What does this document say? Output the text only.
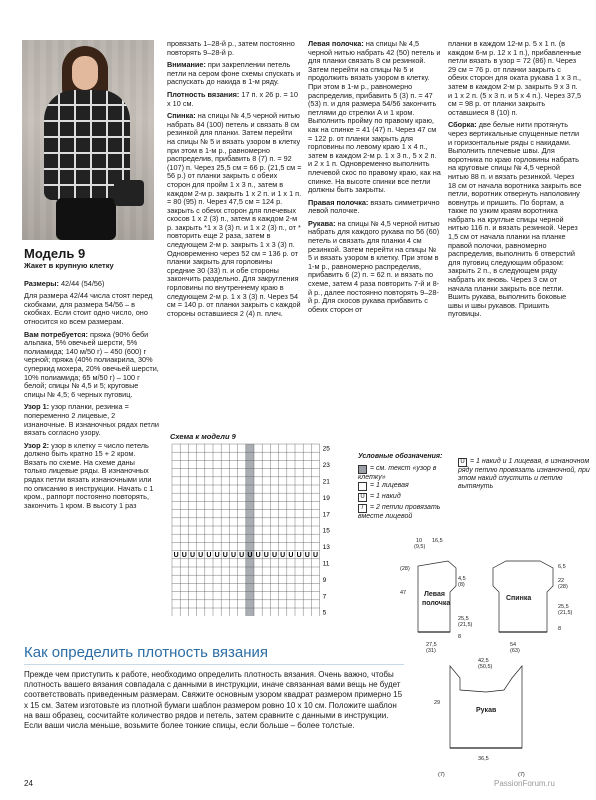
Модель 9
Жакет в крупную клетку

Размеры: 42/44 (54/56)

Для размера 42/44 числа стоят перед скобками, для размера 54/56 – в скобках. Если стоит одно число, оно относится ко всем размерам.

Вам потребуется: пряжа (90% беби альпака, 5% овечьей шерсти, 5% полиамида; 140 м/50 г) – 450 (600) г черной; пряжа (40% полиакрила, 30% суперкид мохера, 20% овечьей шерсти, 10% полиамида; 65 м/50 г) – 100 г белой; спицы № 4,5 и 5; круговые спицы № 4,5; 6 черных пуговиц.

Узор 1: узор планки, резинка = попеременно 2 лицевые, 2 изнаночные. В изнаночных рядах петли вязать согласно узору.

Узор 2: узор в клетку = число петель должно быть кратно 15 + 2 кром. Вязать по схеме. На схеме даны только лицевые ряды. В изнаночных рядах петли вязать изнаночными или по описанию в инструкции. Начать с 1 кром., раппорт постоянно повторять, закончить 1 кром. В высоту 1 раз

провязать 1–28-й р., затем постоянно повторять 9–28-й р.

Внимание: при закреплении петель петли на сером фоне схемы спускать и распускать до накида в 1-м ряду.

Плотность вязания: 17 п. х 26 р. = 10 х 10 см.

Спинка: на спицы № 4,5 черной нитью набрать 84 (100) петель и связать 8 см резинкой для планки. Затем перейти на спицы № 5 и вязать узором в клетку при этом в 1-м р., равномерно распределив, прибавить 8 (7) п. = 92 (107) п. Через 25,5 см = 66 р. (21,5 см = 56 р.) от планки закрыть с обеих сторон для пройм 1 х 3 п., затем в каждом 2-м р. закрыть 1 х 2 п. и 1 х 1 п. = 80 (95) п. Через 47,5 см = 124 р. закрыть с обеих сторон для плечевых скосов 1 х 2 (3) п., затем в каждом 2-м р. закрыть *1 х 3 (3) п. и 1 х 2 (3) п., от * повторить еще 2 раза, затем в следующем 2-м р. закрыть 1 х 3 (3) п. Одновременно через 52 см = 136 р. от планки закрыть для горловины средние 30 (33) п. и обе стороны закончить раздельно. Для закругления горловины по внутреннему краю в следующем 2-м р. 1 х 3 (3) п. Через 54 см = 140 р. от планки закрыть с каждой стороны оставшиеся 2 (4) п. плеч.

Левая полочка: на спицы № 4,5 черной нитью набрать 42 (50) петель и для планки связать 8 см резинкой. Затем перейти на спицы № 5 и продолжить вязать узором в клетку. При этом в 1-м р., равномерно распределив, прибавить 5 (3) п. = 47 (53) п. и для размера 54/56 закончить петлями до стрелки А и 1 кром. Выполнить пройму по правому краю, как на спинке = 41 (47) п. Через 47 см = 122 р. от планки закрыть для горловины по левому краю 1 х 4 п., затем в каждом 2-м р. 1 х 3 п., 5 х 2 п. и 2 х 1 п. Одновременно выполнить плечевой скос по правому краю, как на спинке. На высоте спинки все петли должны быть закрыты.

Правая полочка: вязать симметрично левой полочке.

Рукава: на спицы № 4,5 черной нитью набрать для каждого рукава по 56 (60) петель и связать для планки 4 см резинкой. Затем перейти на спицы № 5 и вязать узором в клетку. При этом в 1-м р., равномерно распределив, прибавить 6 (2) п. = 62 п. и вязать по схеме, затем 4 раза повторить 7-й и 8-й р., далее постоянно повторять 9–28-й р. Для скосов рукава прибавить с обеих сторон от

планки в каждом 12-м р. 5 х 1 п. (в каждом 6-м р. 12 х 1 п.), прибавленные петли вязать в узор = 72 (86) п. Через 29 см = 76 р. от планки закрыть с обеих сторон для оката рукава 1 х 3 п., затем в каждом 2-м р. закрыть 9 х 3 п. и 1 х 2 п. (5 х 3 п. и 5 х 4 п.). Через 37,5 см = 98 р. от планки закрыть оставшиеся 8 (10) п.

Сборка: две белые нити протянуть через вертикальные спущенные петли и горизонтальные ряды с накидами. Выполнить плечевые швы. Для воротника по краю горловины набрать на круговые спицы № 4,5 черной нитью 88 п. и вязать резинкой. Через 18 см от начала воротника закрыть все петли, воротник отвернуть наполовину вовнутрь и пришить. По бортам, а также по узким краям воротника набрать на круглые спицы черной нитью 116 п. и вязать резинкой. Через 1,5 см от начала планки на планке правой полочки, равномерно распределив, выполнить 6 отверстий для пуговиц следующим образом: закрыть 2 п., в следующем ряду набрать их вновь. Через 3 см от начала планки закрыть все петли. Вшить рукава, выполнить боковые швы и швы рукавов. Пришить пуговицы.

Схема к модели 9
U U U U U U U U U U U U U U U U U U
25
23
21
19
17
15
13
11
9
7
5
Условные обозначения:
= см. текст «узор в клетку»
= 1 лицевая
U = 1 накид
/ = 2 петли провязать вместе лицевой
U = 1 накид и 1 лицевая, в изнаночном ряду петлю провязать изнаночной, при этом накид спустить и петлю вытянуть
Левая
полочка
Спинка
Рукав
10
(9,5)
16,5
(28)
4,5
(8)
47
25,5
(21,5)
8
6,5
22
(28)
25,5
(21,5)
8
27,5
(31)
54
(63)
42,5
(50,5)
29
36,5
(7)	(7)
Как определить плотность вязания
Прежде чем приступить к работе, необходимо определить плотность вязания. Очень важно, чтобы плотность вашего вязания совпадала с данными в инструкции, иначе связанная вами вещь не будет соответствовать приведенным размерам. Свяжите основным узором квадрат размером примерно 15 х 15 см. Затем изготовьте из плотной бумаги шаблон размером ровно 10 х 10 см. Положите шаблон на ваш образец, сосчитайте количество рядов и петель, затем сравните с данными в инструкции. Если ваши числа меньше, возьмите более тонкие спицы, если больше – более толстые.
24	PassionForum.ru
